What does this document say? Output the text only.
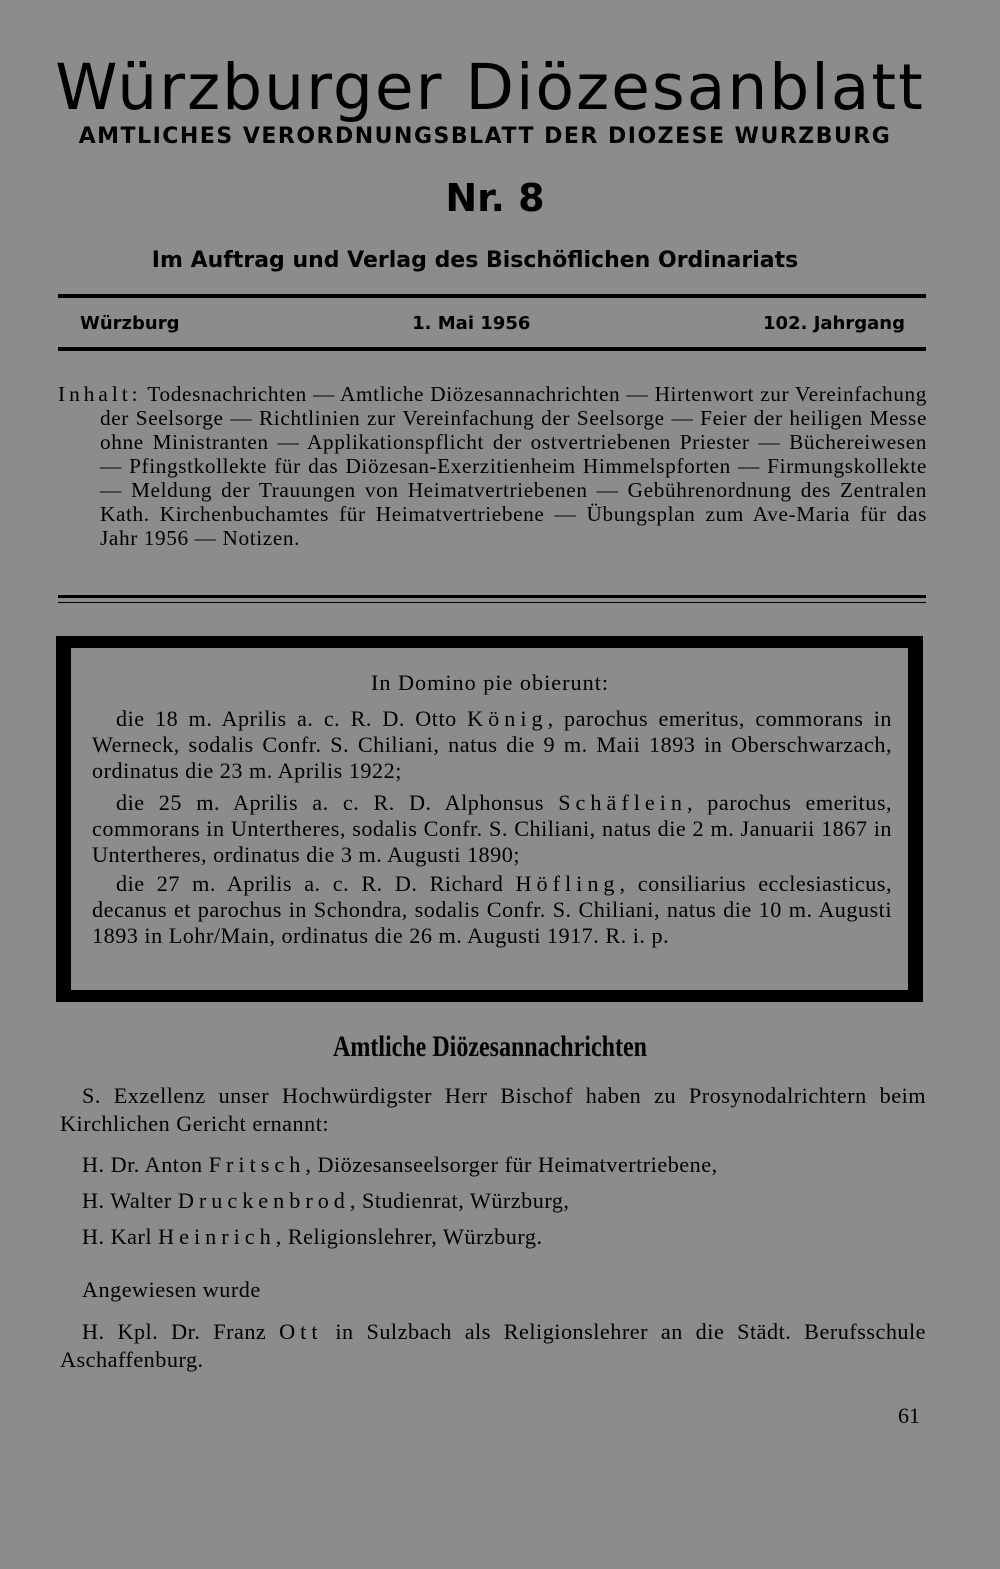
Würzburger Diözesanblatt
AMTLICHES VERORDNUNGSBLATT DER DIOZESE WURZBURG
Nr. 8
Im Auftrag und Verlag des Bischöflichen Ordinariats
Würzburg	1. Mai 1956	102. Jahrgang
Inhalt: Todesnachrichten — Amtliche Diözesannachrichten — Hirtenwort zur Vereinfachung der Seelsorge — Richtlinien zur Vereinfachung der Seelsorge — Feier der heiligen Messe ohne Ministranten — Applikationspflicht der ostvertriebenen Priester — Büchereiwesen — Pfingstkollekte für das Diözesan-Exerzitienheim Himmelspforten — Firmungskollekte — Meldung der Trauungen von Heimatvertriebenen — Gebührenordnung des Zentralen Kath. Kirchenbuchamtes für Heimatvertriebene — Übungsplan zum Ave-Maria für das Jahr 1956 — Notizen.
In Domino pie obierunt:

die 18 m. Aprilis a. c. R. D. Otto König, parochus emeritus, commorans in Werneck, sodalis Confr. S. Chiliani, natus die 9 m. Maii 1893 in Oberschwarzach, ordinatus die 23 m. Aprilis 1922;

die 25 m. Aprilis a. c. R. D. Alphonsus Schäflein, parochus emeritus, commorans in Untertheres, sodalis Confr. S. Chiliani, natus die 2 m. Januarii 1867 in Untertheres, ordinatus die 3 m. Augusti 1890;

die 27 m. Aprilis a. c. R. D. Richard Höfling, consiliarius ecclesiasticus, decanus et parochus in Schondra, sodalis Confr. S. Chiliani, natus die 10 m. Augusti 1893 in Lohr/Main, ordinatus die 26 m. Augusti 1917. R. i. p.

Amtliche Diözesannachrichten

S. Exzellenz unser Hochwürdigster Herr Bischof haben zu Prosynodalrichtern beim Kirchlichen Gericht ernannt:

H. Dr. Anton Fritsch, Diözesanseelsorger für Heimatvertriebene,
H. Walter Druckenbrod, Studienrat, Würzburg,
H. Karl Heinrich, Religionslehrer, Würzburg.
Angewiesen wurde

H. Kpl. Dr. Franz Ott in Sulzbach als Religionslehrer an die Städt. Berufsschule Aschaffenburg.

61
